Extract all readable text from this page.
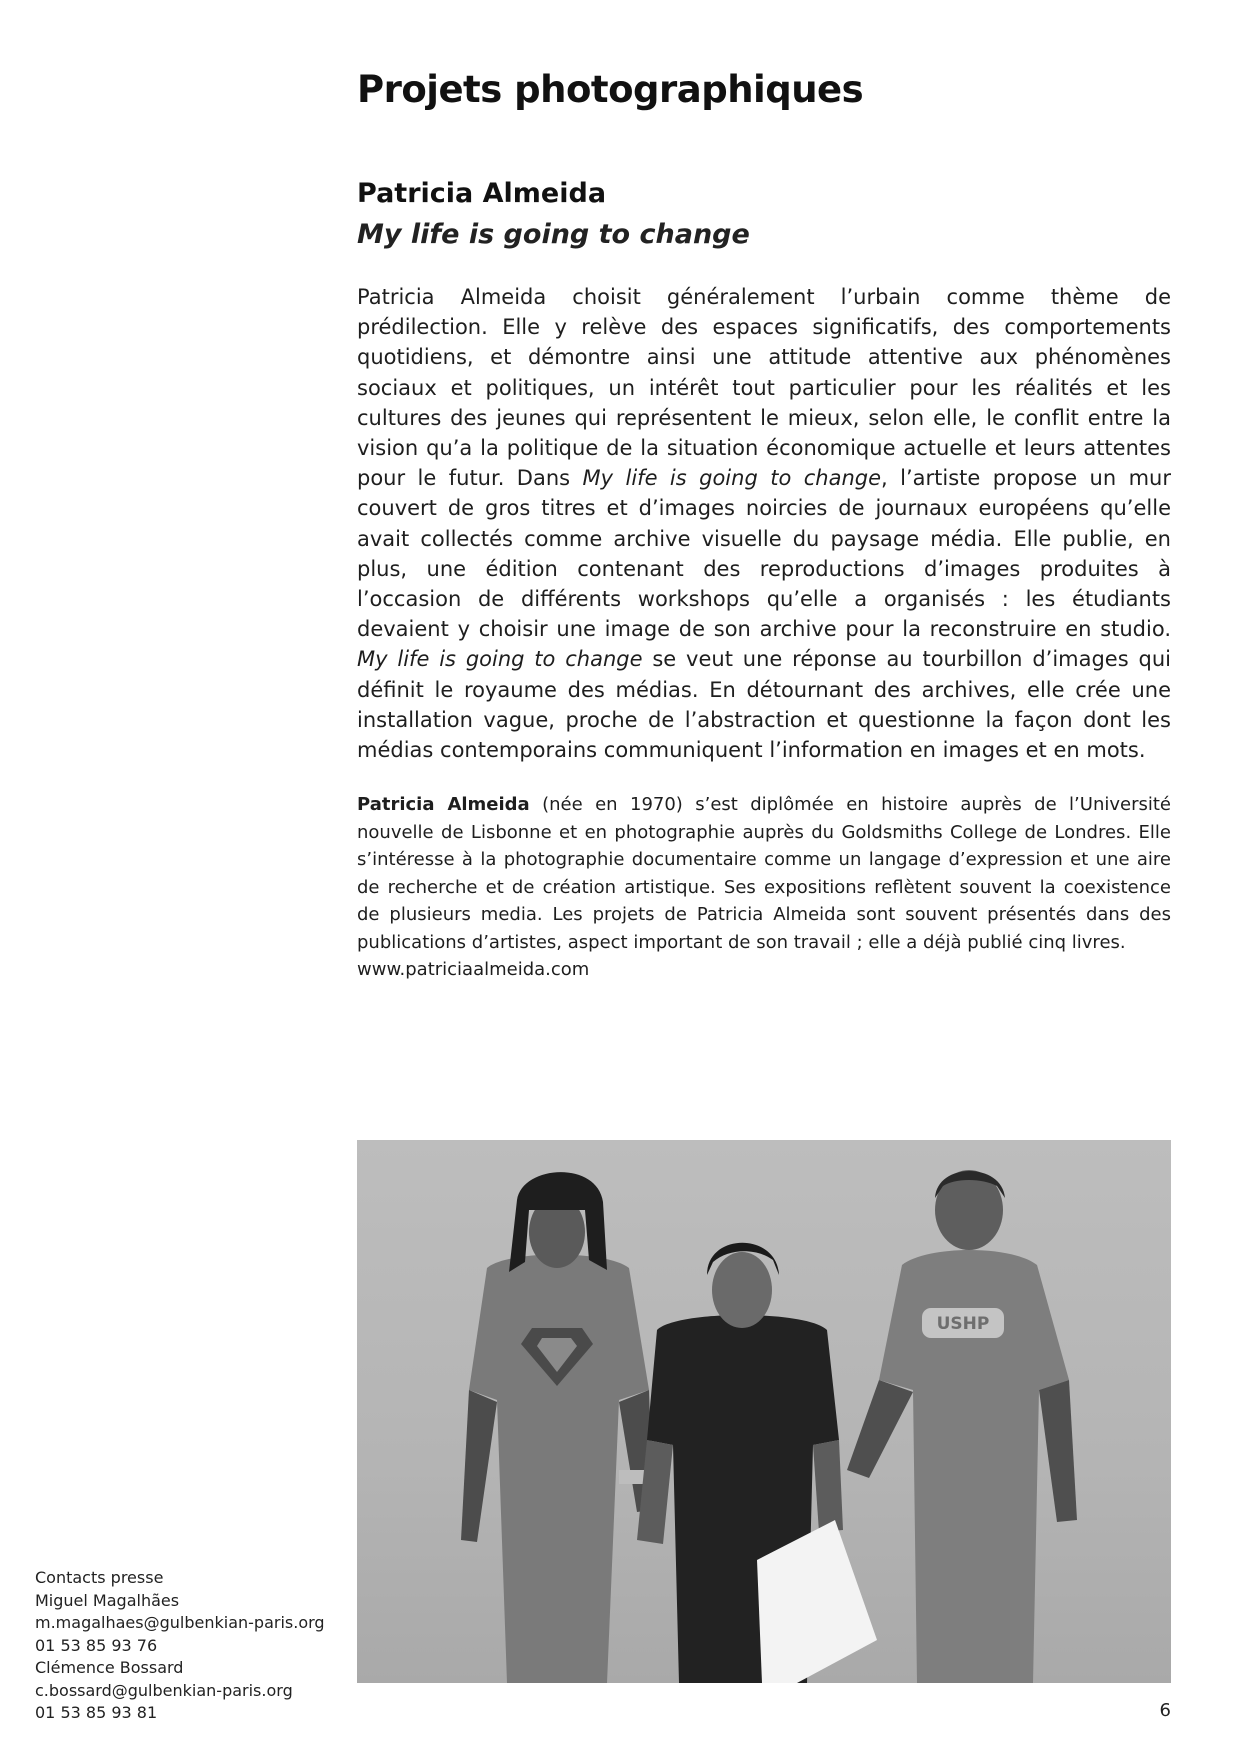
Projets photographiques
Patricia Almeida
My life is going to change

Patricia Almeida choisit généralement l’urbain comme thème de prédilection. Elle y relève des espaces significatifs, des comportements quotidiens, et démontre ainsi une attitude attentive aux phénomènes sociaux et politiques, un intérêt tout particulier pour les réalités et les cultures des jeunes qui représentent le mieux, selon elle, le conflit entre la vision qu’a la politique de la situation économique actuelle et leurs attentes pour le futur. Dans My life is going to change, l’artiste propose un mur couvert de gros titres et d’images noircies de journaux européens qu’elle avait collectés comme archive visuelle du paysage média. Elle publie, en plus, une édition contenant des reproductions d’images produites à l’occasion de différents workshops qu’elle a organisés : les étudiants devaient y choisir une image de son archive pour la reconstruire en studio. My life is going to change se veut une réponse au tourbillon d’images qui définit le royaume des médias. En détournant des archives, elle crée une installation vague, proche de l’abstraction et questionne la façon dont les médias contemporains communiquent l’information en images et en mots.

Patricia Almeida (née en 1970) s’est diplômée en histoire auprès de l’Université nouvelle de Lisbonne et en photographie auprès du Goldsmiths College de Londres. Elle s’intéresse à la photographie documentaire comme un langage d’expression et une aire de recherche et de création artistique. Ses expositions reflètent souvent la coexistence de plusieurs media. Les projets de Patricia Almeida sont souvent présentés dans des publications d’artistes, aspect important de son travail ; elle a déjà publié cinq livres.
www.patriciaalmeida.com

USHP
Contacts presse
Miguel Magalhães
m.magalhaes@gulbenkian-paris.org
01 53 85 93 76
Clémence Bossard
c.bossard@gulbenkian-paris.org
01 53 85 93 81	6
